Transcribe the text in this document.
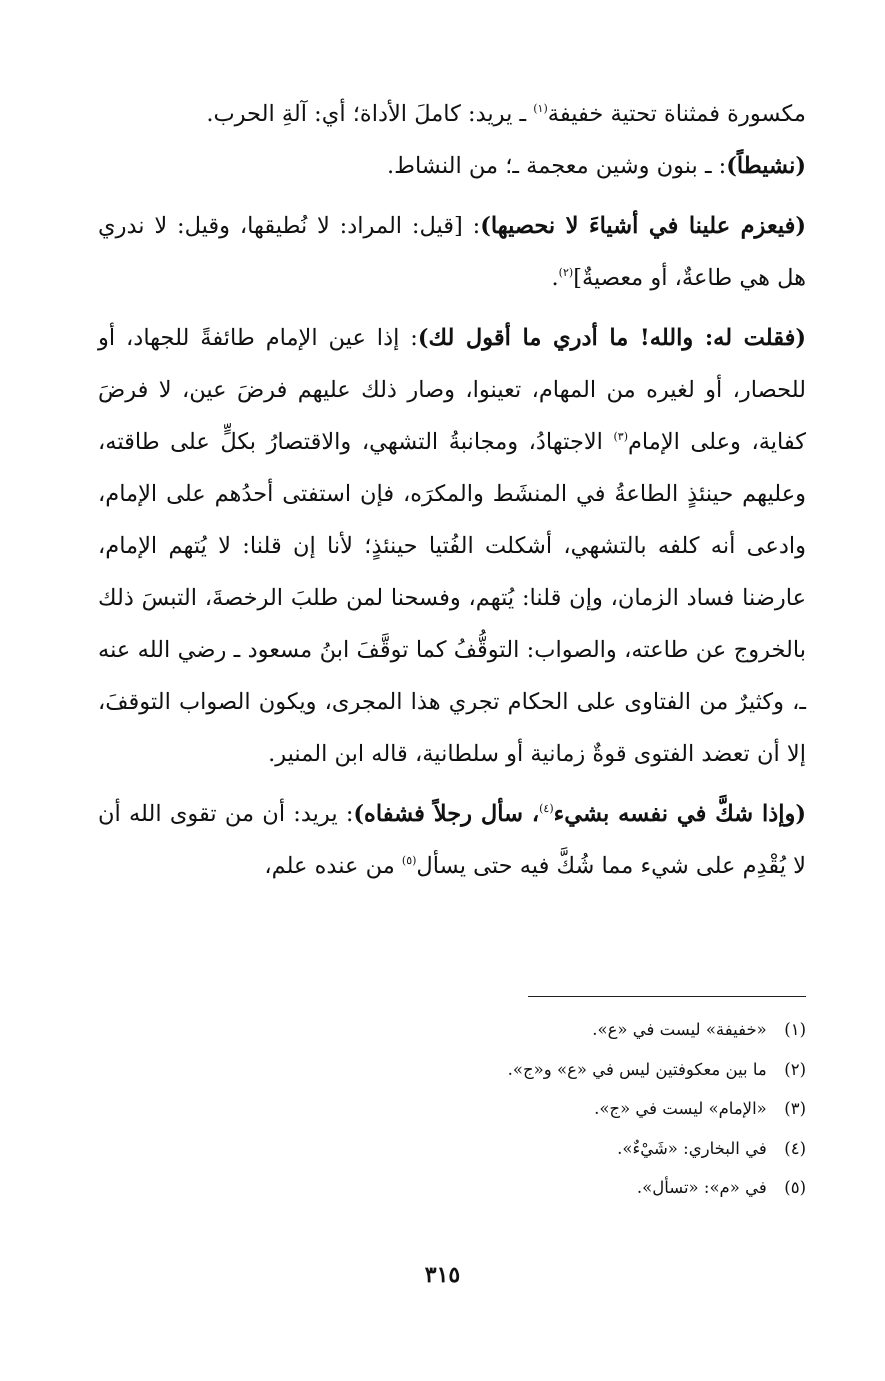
مكسورة فمثناة تحتية خفيفة$^{(١)}$ ـ يريد: كاملَ الأداة؛ أي: آلةِ الحرب.

(نشيطاً): ـ بنون وشين معجمة ـ؛ من النشاط.

(فيعزم علينا في أشياءَ لا نحصيها): [قيل: المراد: لا نُطيقها، وقيل: لا ندري هل هي طاعةٌ، أو معصيةٌ]$^{(٢)}$.

(فقلت له: والله! ما أدري ما أقول لك): إذا عين الإمام طائفةً للجهاد، أو للحصار، أو لغيره من المهام، تعينوا، وصار ذلك عليهم فرضَ عين، لا فرضَ كفاية، وعلى الإمام$^{(٣)}$ الاجتهادُ، ومجانبةُ التشهي، والاقتصارُ بكلٍّ على طاقته، وعليهم حينئذٍ الطاعةُ في المنشَط والمكرَه، فإن استفتى أحدُهم على الإمام، وادعى أنه كلفه بالتشهي، أشكلت الفُتيا حينئذٍ؛ لأنا إن قلنا: لا يُتهم الإمام، عارضنا فساد الزمان، وإن قلنا: يُتهم، وفسحنا لمن طلبَ الرخصةَ، التبسَ ذلك بالخروج عن طاعته، والصواب: التوقُّفُ كما توقَّفَ ابنُ مسعود ـ رضي الله عنه ـ، وكثيرٌ من الفتاوى على الحكام تجري هذا المجرى، ويكون الصواب التوقفَ، إلا أن تعضد الفتوى قوةٌ زمانية أو سلطانية، قاله ابن المنير.

(وإذا شكَّ في نفسه بشيء$^{(٤)}$، سأل رجلاً فشفاه): يريد: أن من تقوى الله أن لا يُقْدِم على شيء مما شُكَّ فيه حتى يسأل$^{(٥)}$ من عنده علم،

(١) «خفيفة» ليست في «ع».
(٢) ما بين معكوفتين ليس في «ع» و«ج».
(٣) «الإمام» ليست في «ج».
(٤) في البخاري: «شَيْءٌ».
(٥) في «م»: «تسأل».
٣١٥
